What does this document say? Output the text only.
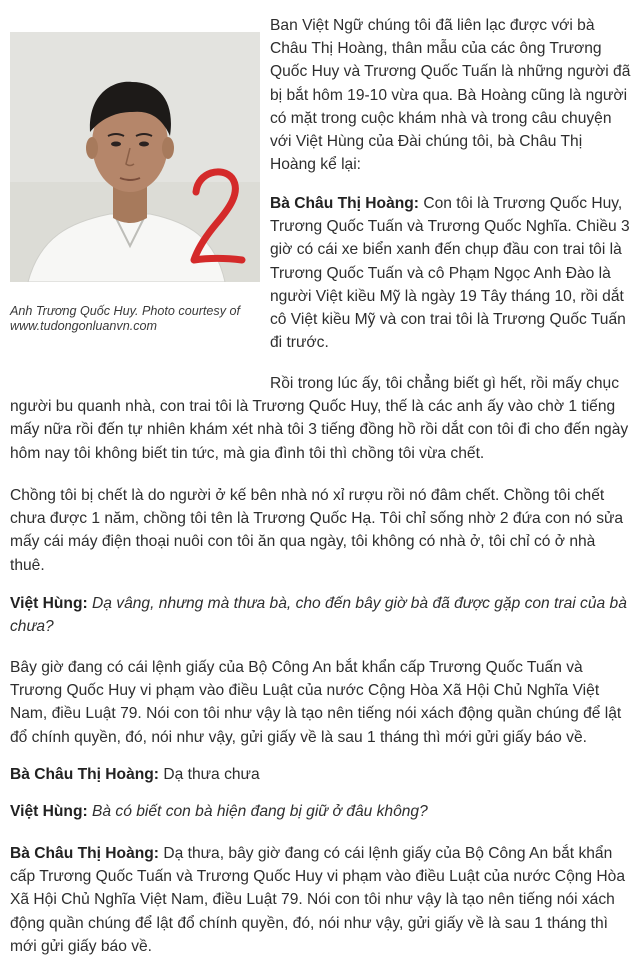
Anh Trương Quốc Huy. Photo courtesy of
www.tudongonluanvn.com

Ban Việt Ngữ chúng tôi đã liên lạc được với bà Châu Thị Hoàng, thân mẫu của các ông Trương Quốc Huy và Trương Quốc Tuấn là những người đã bị bắt hôm 19-10 vừa qua. Bà Hoàng cũng là người có mặt trong cuộc khám nhà và trong câu chuyện với Việt Hùng của Đài chúng tôi, bà Châu Thị Hoàng kể lại:

Bà Châu Thị Hoàng: Con tôi là Trương Quốc Huy, Trương Quốc Tuấn và Trương Quốc Nghĩa. Chiều 3 giờ có cái xe biển xanh đến chụp đầu con trai tôi là Trương Quốc Tuấn và cô Phạm Ngọc Anh Đào là người Việt kiều Mỹ là ngày 19 Tây tháng 10, rồi dắt cô Việt kiều Mỹ và con trai tôi là Trương Quốc Tuấn đi trước.

Rồi trong lúc ấy, tôi chẳng biết gì hết, rồi mấy chục người bu quanh nhà, con trai tôi là Trương Quốc Huy, thế là các anh ấy vào chờ 1 tiếng mấy nữa rồi đến tự nhiên khám xét nhà tôi 3 tiếng đồng hồ rồi dắt con tôi đi cho đến ngày hôm nay tôi không biết tin tức, mà gia đình tôi thì chồng tôi vừa chết.

Chồng tôi bị chết là do người ở kế bên nhà nó xỉ rượu rồi nó đâm chết. Chồng tôi chết chưa được 1 năm, chồng tôi tên là Trương Quốc Hạ. Tôi chỉ sống nhờ 2 đứa con nó sửa mấy cái máy điện thoại nuôi con tôi ăn qua ngày, tôi không có nhà ở, tôi chỉ có ở nhà thuê.

Việt Hùng: Dạ vâng, nhưng mà thưa bà, cho đến bây giờ bà đã được gặp con trai của bà chưa?

Bây giờ đang có cái lệnh giấy của Bộ Công An bắt khẩn cấp Trương Quốc Tuấn và Trương Quốc Huy vi phạm vào điều Luật của nước Cộng Hòa Xã Hội Chủ Nghĩa Việt Nam, điều Luật 79. Nói con tôi như vậy là tạo nên tiếng nói xách động quần chúng để lật đổ chính quyền, đó, nói như vậy, gửi giấy về là sau 1 tháng thì mới gửi giấy báo về.

Bà Châu Thị Hoàng: Dạ thưa chưa

Việt Hùng: Bà có biết con bà hiện đang bị giữ ở đâu không?

Bà Châu Thị Hoàng: Dạ thưa, bây giờ đang có cái lệnh giấy của Bộ Công An bắt khẩn cấp Trương Quốc Tuấn và Trương Quốc Huy vi phạm vào điều Luật của nước Cộng Hòa Xã Hội Chủ Nghĩa Việt Nam, điều Luật 79. Nói con tôi như vậy là tạo nên tiếng nói xách động quần chúng để lật đổ chính quyền, đó, nói như vậy, gửi giấy về là sau 1 tháng thì mới gửi giấy báo về.
